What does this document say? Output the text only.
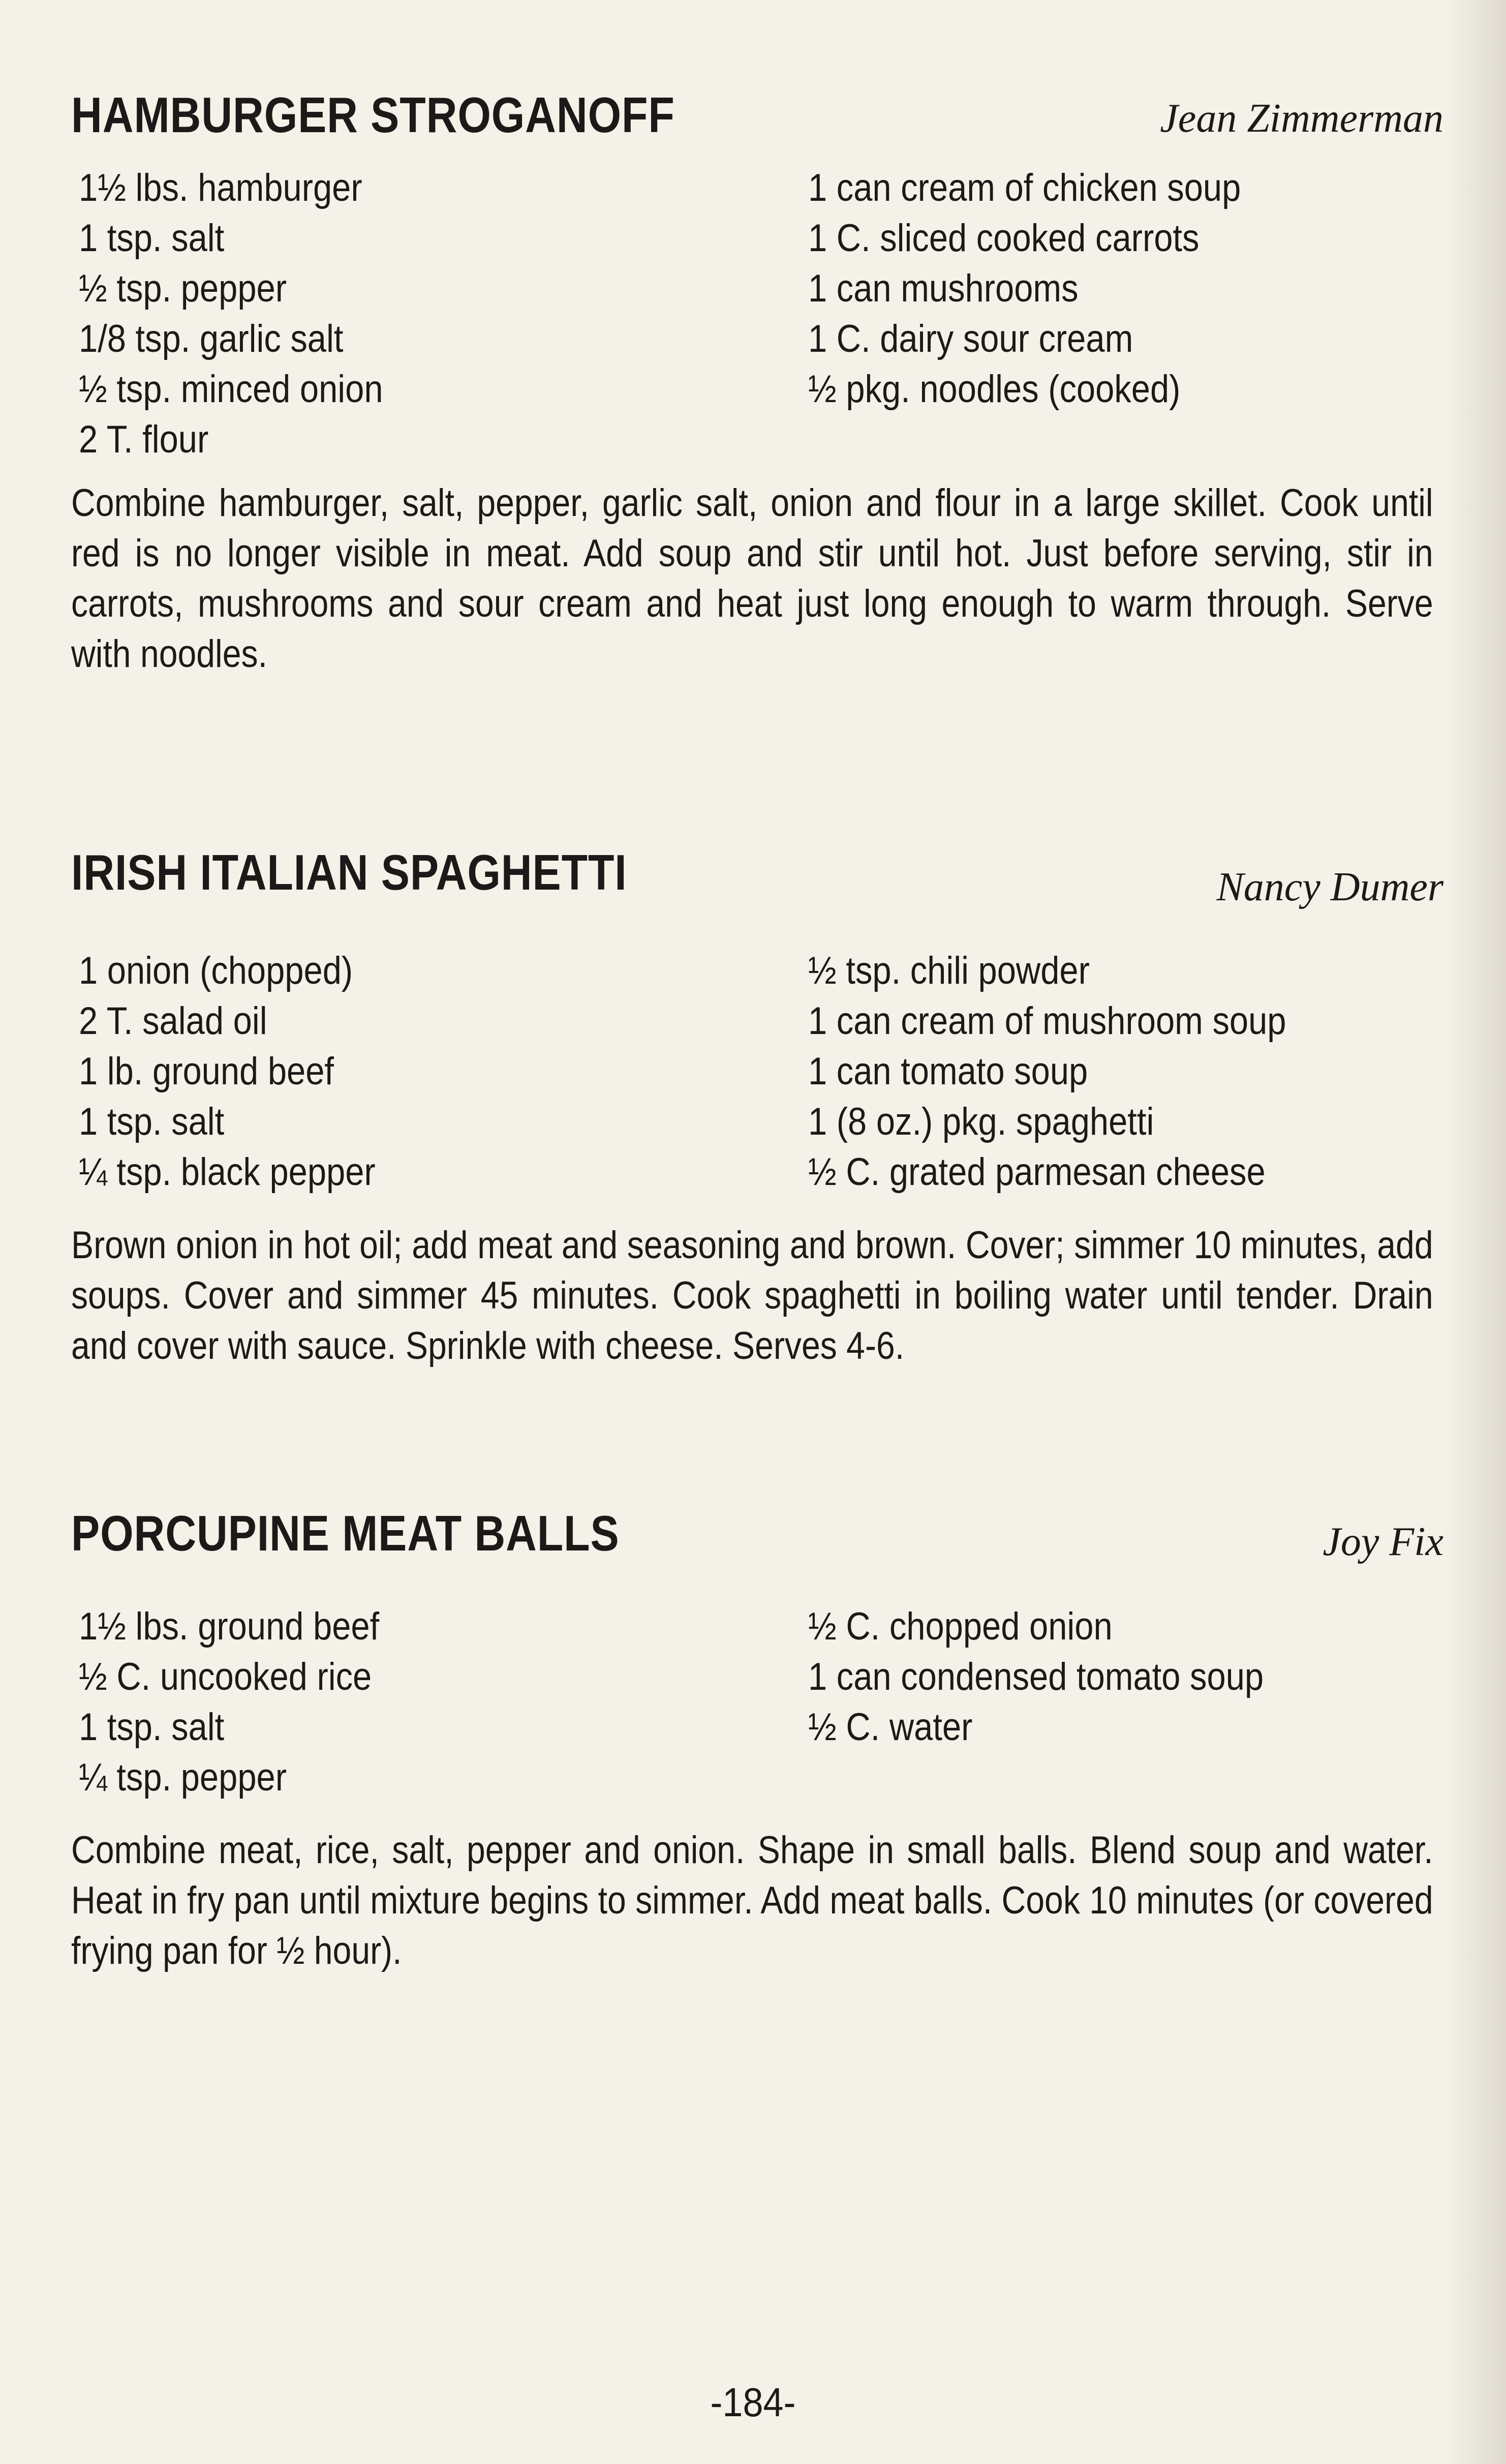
HAMBURGER STROGANOFF	Jean Zimmerman
1½ lbs. hamburger
1 tsp. salt
½ tsp. pepper
1/8 tsp. garlic salt
½ tsp. minced onion
2 T. flour
1 can cream of chicken soup
1 C. sliced cooked carrots
1 can mushrooms
1 C. dairy sour cream
½ pkg. noodles (cooked)

Combine hamburger, salt, pepper, garlic salt, onion and flour in a large skillet. Cook until red is no longer visible in meat. Add soup and stir until hot. Just before serving, stir in carrots, mushrooms and sour cream and heat just long enough to warm through. Serve with noodles.

IRISH ITALIAN SPAGHETTI	Nancy Dumer
1 onion (chopped)
2 T. salad oil
1 lb. ground beef
1 tsp. salt
¼ tsp. black pepper
½ tsp. chili powder
1 can cream of mushroom soup
1 can tomato soup
1 (8 oz.) pkg. spaghetti
½ C. grated parmesan cheese

Brown onion in hot oil; add meat and seasoning and brown. Cover; simmer 10 minutes, add soups. Cover and simmer 45 minutes. Cook spaghetti in boiling water until tender. Drain and cover with sauce. Sprinkle with cheese. Serves 4-6.

PORCUPINE MEAT BALLS	Joy Fix
1½ lbs. ground beef
½ C. uncooked rice
1 tsp. salt
¼ tsp. pepper
½ C. chopped onion
1 can condensed tomato soup
½ C. water

Combine meat, rice, salt, pepper and onion. Shape in small balls. Blend soup and water. Heat in fry pan until mixture begins to simmer. Add meat balls. Cook 10 minutes (or covered frying pan for ½ hour).

-184-
